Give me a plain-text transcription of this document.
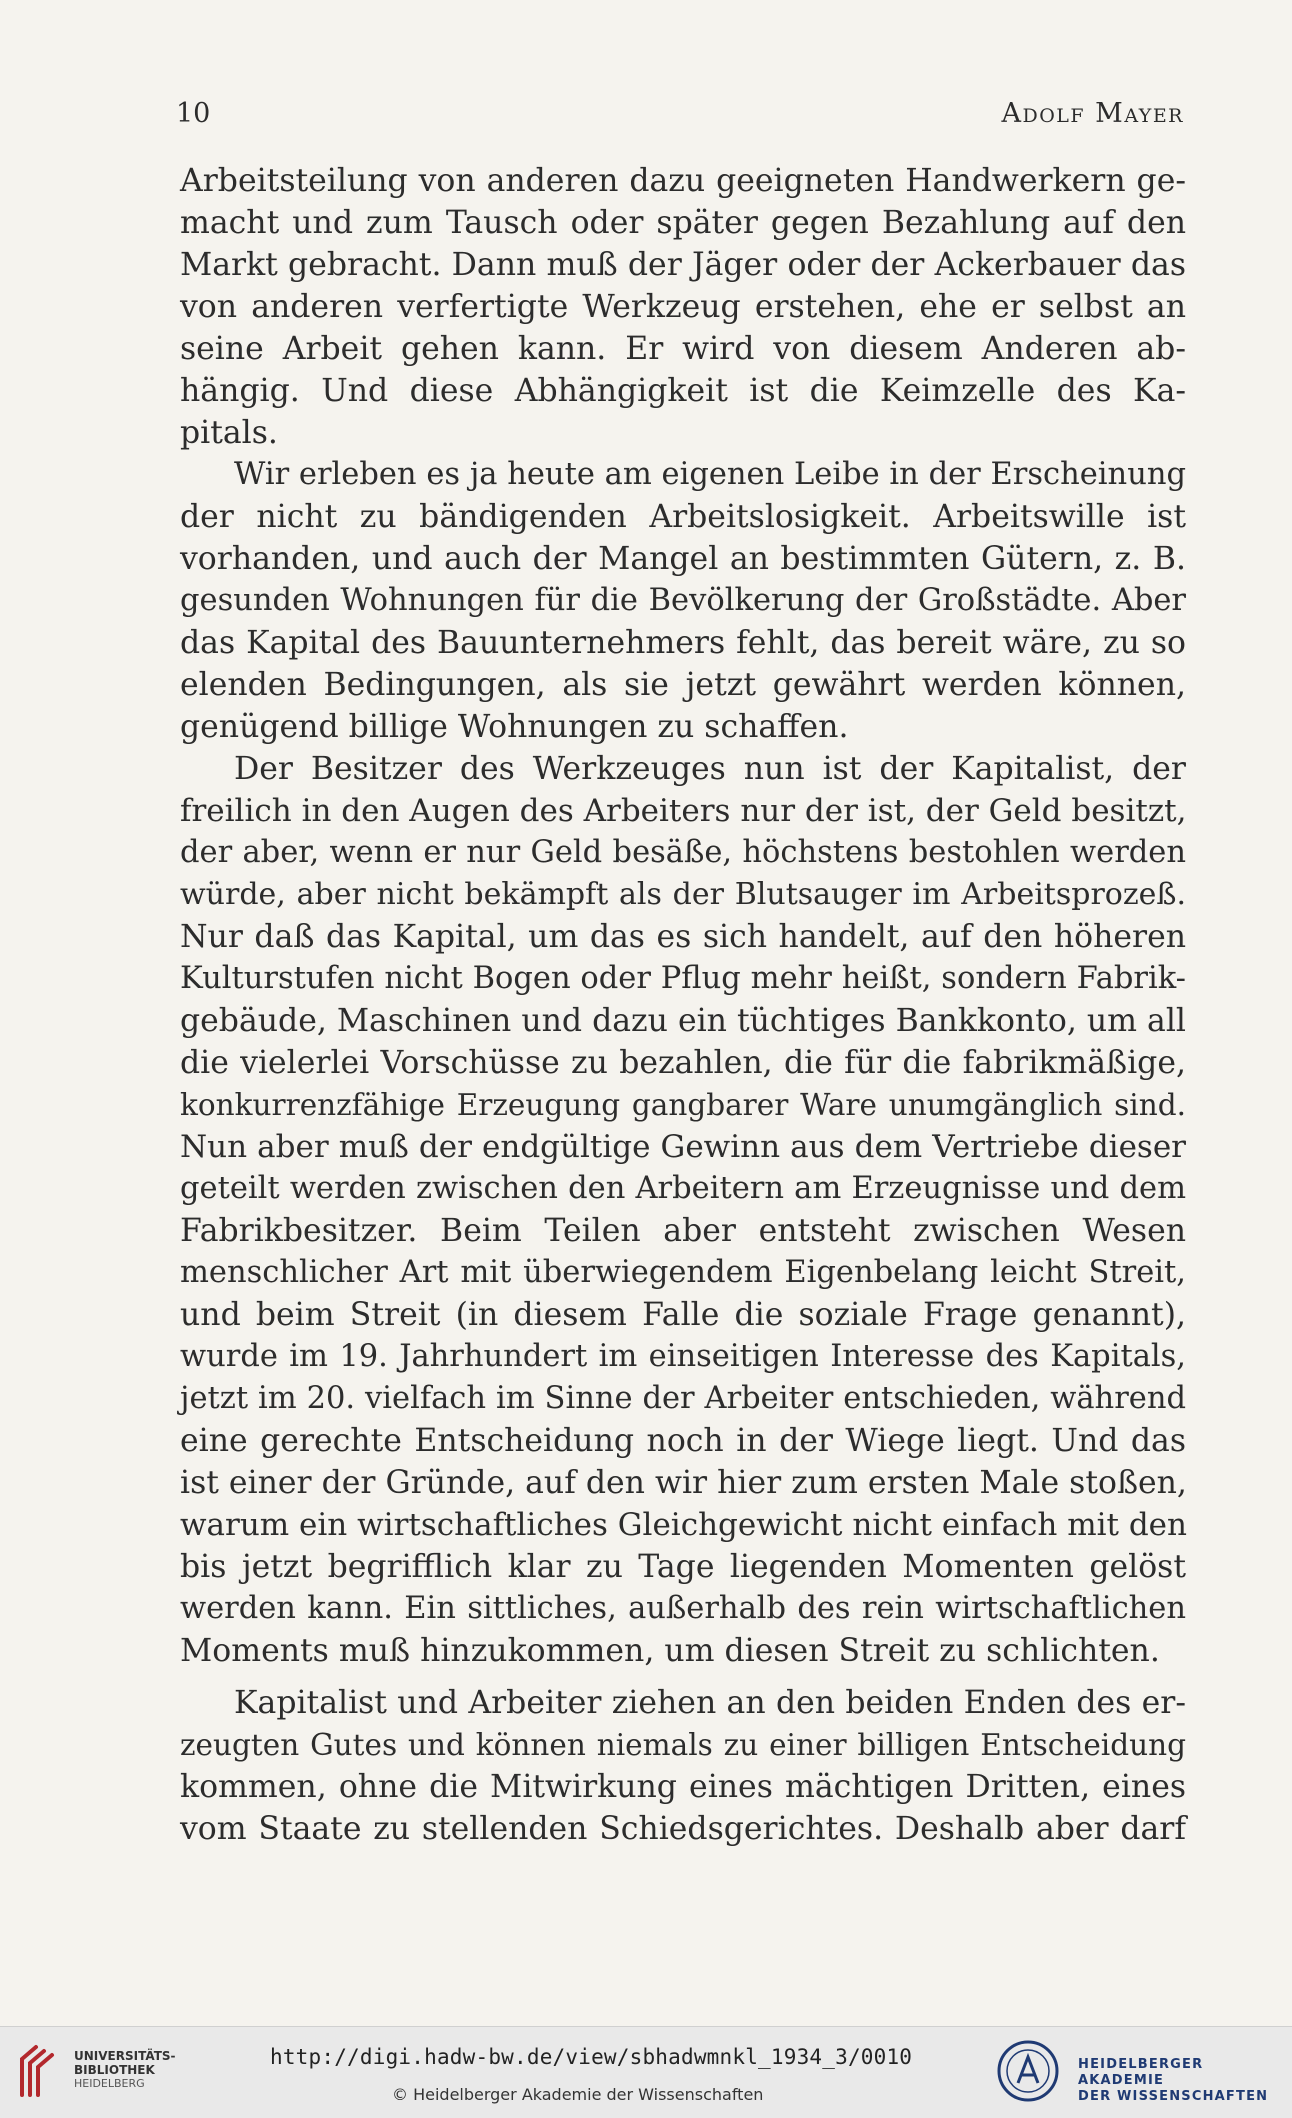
10	Adolf Mayer
Arbeitsteilung von anderen dazu geeigneten Handwerkern ge-
macht und zum Tausch oder später gegen Bezahlung auf den
Markt gebracht. Dann muß der Jäger oder der Ackerbauer das
von anderen verfertigte Werkzeug erstehen, ehe er selbst an
seine Arbeit gehen kann. Er wird von diesem Anderen ab-
hängig. Und diese Abhängigkeit ist die Keimzelle des Ka-
pitals.
Wir erleben es ja heute am eigenen Leibe in der Erscheinung
der nicht zu bändigenden Arbeitslosigkeit. Arbeitswille ist
vorhanden, und auch der Mangel an bestimmten Gütern, z. B.
gesunden Wohnungen für die Bevölkerung der Großstädte. Aber
das Kapital des Bauunternehmers fehlt, das bereit wäre, zu so
elenden Bedingungen, als sie jetzt gewährt werden können,
genügend billige Wohnungen zu schaffen.
Der Besitzer des Werkzeuges nun ist der Kapitalist, der
freilich in den Augen des Arbeiters nur der ist, der Geld besitzt,
der aber, wenn er nur Geld besäße, höchstens bestohlen werden
würde, aber nicht bekämpft als der Blutsauger im Arbeitsprozeß.
Nur daß das Kapital, um das es sich handelt, auf den höheren
Kulturstufen nicht Bogen oder Pflug mehr heißt, sondern Fabrik-
gebäude, Maschinen und dazu ein tüchtiges Bankkonto, um all
die vielerlei Vorschüsse zu bezahlen, die für die fabrikmäßige,
konkurrenzfähige Erzeugung gangbarer Ware unumgänglich sind.
Nun aber muß der endgültige Gewinn aus dem Vertriebe dieser
geteilt werden zwischen den Arbeitern am Erzeugnisse und dem
Fabrikbesitzer. Beim Teilen aber entsteht zwischen Wesen
menschlicher Art mit überwiegendem Eigenbelang leicht Streit,
und beim Streit (in diesem Falle die soziale Frage genannt),
wurde im 19. Jahrhundert im einseitigen Interesse des Kapitals,
jetzt im 20. vielfach im Sinne der Arbeiter entschieden, während
eine gerechte Entscheidung noch in der Wiege liegt. Und das
ist einer der Gründe, auf den wir hier zum ersten Male stoßen,
warum ein wirtschaftliches Gleichgewicht nicht einfach mit den
bis jetzt begrifflich klar zu Tage liegenden Momenten gelöst
werden kann. Ein sittliches, außerhalb des rein wirtschaftlichen
Moments muß hinzukommen, um diesen Streit zu schlichten.
Kapitalist und Arbeiter ziehen an den beiden Enden des er-
zeugten Gutes und können niemals zu einer billigen Entscheidung
kommen, ohne die Mitwirkung eines mächtigen Dritten, eines
vom Staate zu stellenden Schiedsgerichtes. Deshalb aber darf
UNIVERSITÄTS-
BIBLIOTHEK
HEIDELBERG
http://digi.hadw-bw.de/view/sbhadwmnkl_1934_3/0010
© Heidelberger Akademie der Wissenschaften
HEIDELBERGER AKADEMIE
DER WISSENSCHAFTEN
